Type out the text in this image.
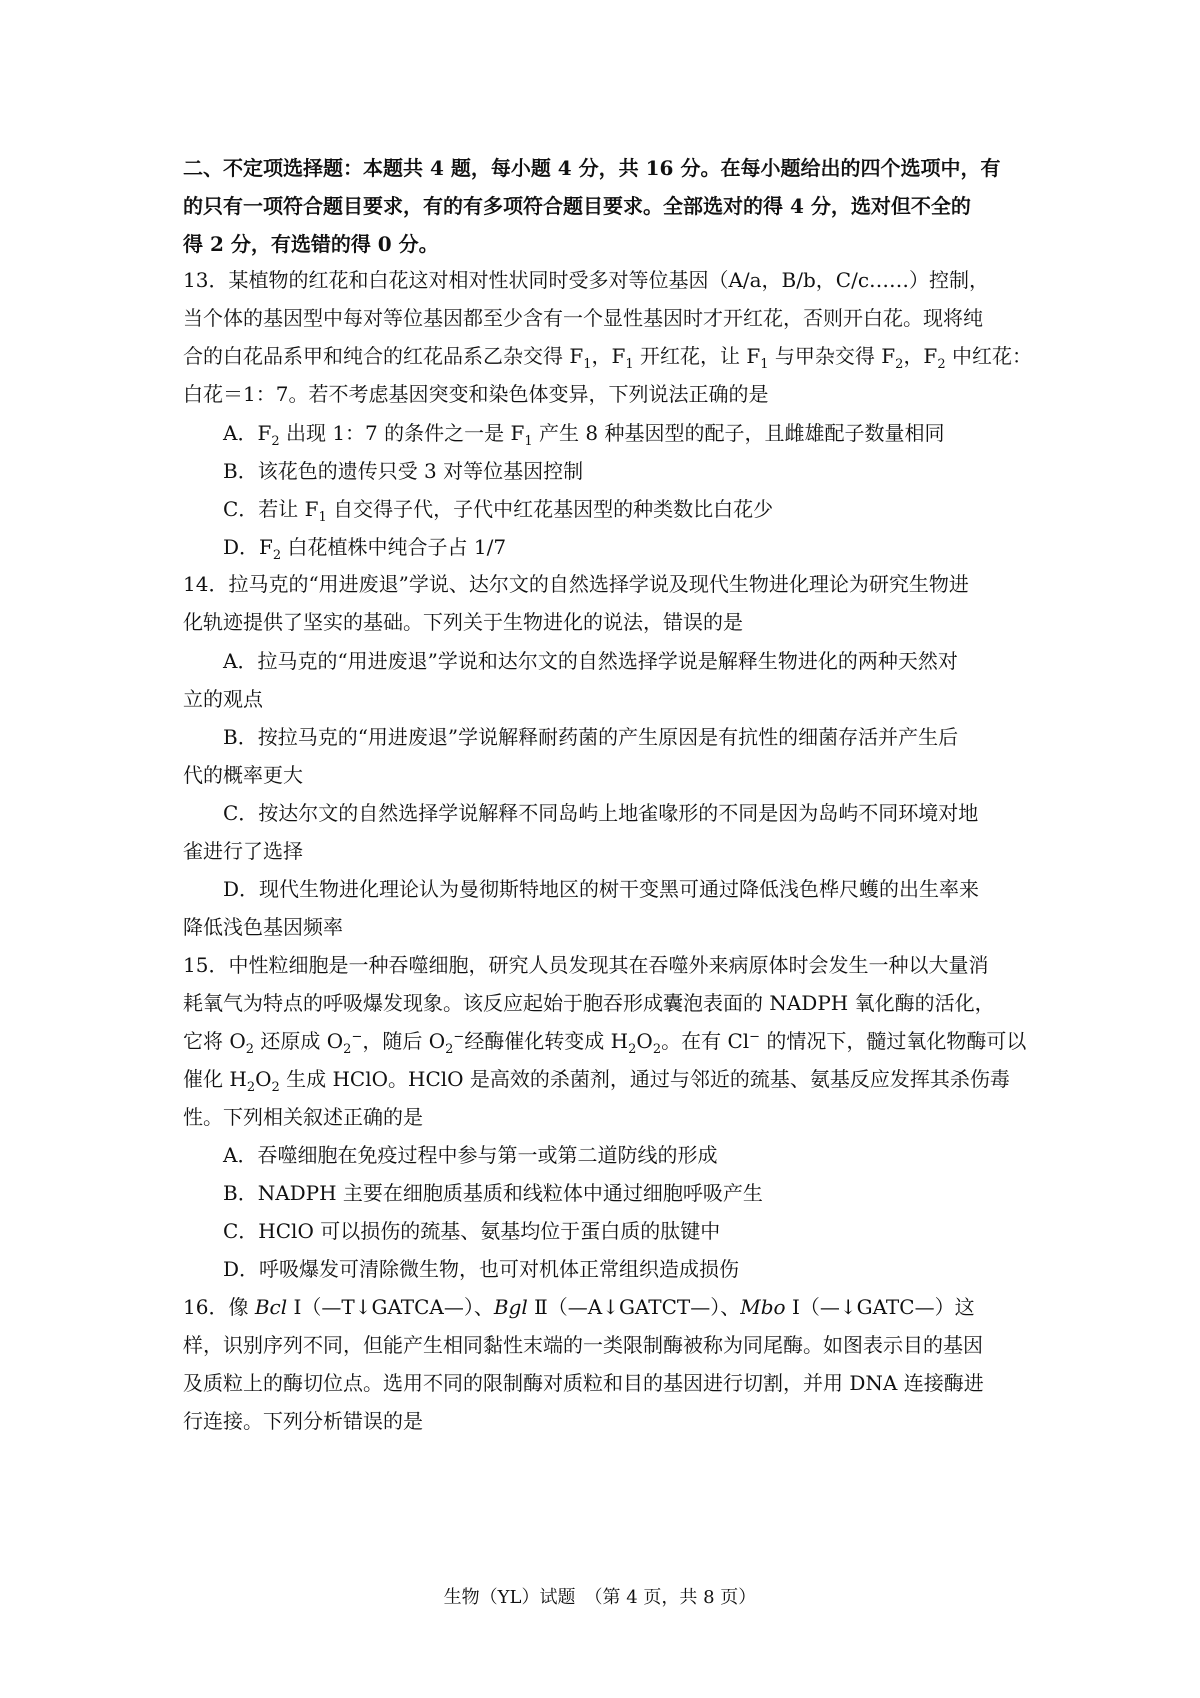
二、不定项选择题：本题共 4 题，每小题 4 分，共 16 分。在每小题给出的四个选项中，有
的只有一项符合题目要求，有的有多项符合题目要求。全部选对的得 4 分，选对但不全的
得 2 分，有选错的得 0 分。
13．某植物的红花和白花这对相对性状同时受多对等位基因（A/a，B/b，C/c……）控制，
当个体的基因型中每对等位基因都至少含有一个显性基因时才开红花，否则开白花。现将纯
合的白花品系甲和纯合的红花品系乙杂交得 $F_1$，$F_1$ 开红花，让 $F_1$ 与甲杂交得 $F_2$，$F_2$ 中红花：
白花＝1：7。若不考虑基因突变和染色体变异，下列说法正确的是
A．$F_2$ 出现 1：7 的条件之一是 $F_1$ 产生 8 种基因型的配子，且雌雄配子数量相同
B．该花色的遗传只受 3 对等位基因控制
C．若让 $F_1$ 自交得子代，子代中红花基因型的种类数比白花少
D．$F_2$ 白花植株中纯合子占 1/7
14．拉马克的“用进废退”学说、达尔文的自然选择学说及现代生物进化理论为研究生物进
化轨迹提供了坚实的基础。下列关于生物进化的说法，错误的是
A．拉马克的“用进废退”学说和达尔文的自然选择学说是解释生物进化的两种天然对
立的观点
B．按拉马克的“用进废退”学说解释耐药菌的产生原因是有抗性的细菌存活并产生后
代的概率更大
C．按达尔文的自然选择学说解释不同岛屿上地雀喙形的不同是因为岛屿不同环境对地
雀进行了选择
D．现代生物进化理论认为曼彻斯特地区的树干变黑可通过降低浅色桦尺蠖的出生率来
降低浅色基因频率
15．中性粒细胞是一种吞噬细胞，研究人员发现其在吞噬外来病原体时会发生一种以大量消
耗氧气为特点的呼吸爆发现象。该反应起始于胞吞形成囊泡表面的 NADPH 氧化酶的活化，
它将 $O_2$ 还原成 $O_2^-$，随后 $O_2^-$经酶催化转变成 $H_2O_2$。在有 Cl− 的情况下，髓过氧化物酶可以
催化 $H_2O_2$ 生成 HClO。HClO 是高效的杀菌剂，通过与邻近的巯基、氨基反应发挥其杀伤毒
性。下列相关叙述正确的是
A．吞噬细胞在免疫过程中参与第一或第二道防线的形成
B．NADPH 主要在细胞质基质和线粒体中通过细胞呼吸产生
C．HClO 可以损伤的巯基、氨基均位于蛋白质的肽键中
D．呼吸爆发可清除微生物，也可对机体正常组织造成损伤
16．像 Bcl Ⅰ（—T↓GATCA—）、Bgl Ⅱ（—A↓GATCT—）、Mbo Ⅰ（—↓GATC—）这
样，识别序列不同，但能产生相同黏性末端的一类限制酶被称为同尾酶。如图表示目的基因
及质粒上的酶切位点。选用不同的限制酶对质粒和目的基因进行切割，并用 DNA 连接酶进
行连接。下列分析错误的是
生物（YL）试题　（第 4 页，共 8 页）
